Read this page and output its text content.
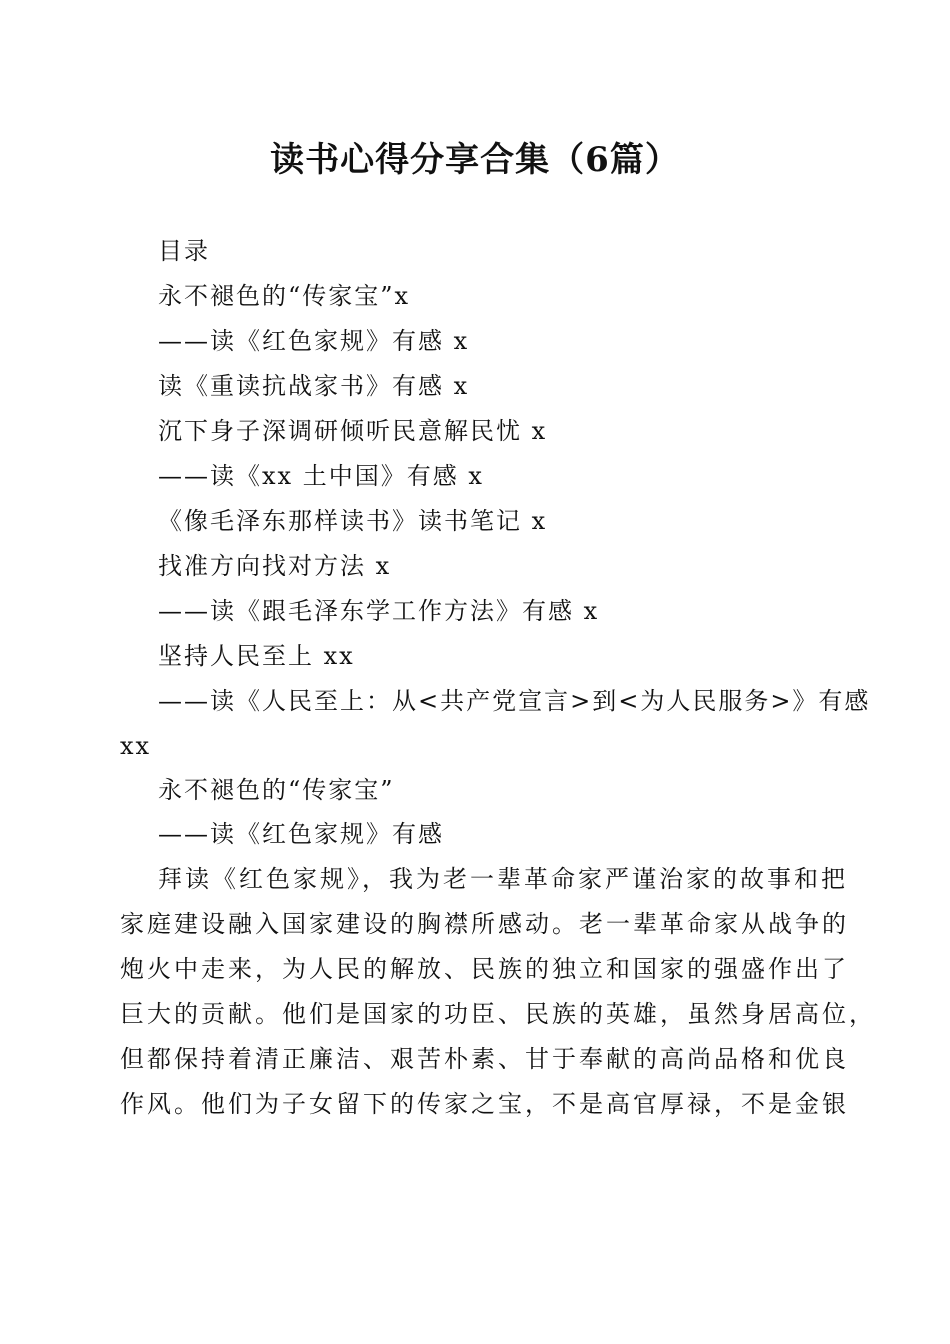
读书心得分享合集（6篇）
目录
永不褪色的“传家宝”x
——读《红色家规》有感 x
读《重读抗战家书》有感 x
沉下身子深调研倾听民意解民忧 x
——读《xx 土中国》有感 x
《像毛泽东那样读书》读书笔记 x
找准方向找对方法 x
——读《跟毛泽东学工作方法》有感 x
坚持人民至上 xx
——读《人民至上：从<共产党宣言>到<为人民服务>》有感
xx
永不褪色的“传家宝”
——读《红色家规》有感
拜读《红色家规》，我为老一辈革命家严谨治家的故事和把
家庭建设融入国家建设的胸襟所感动。老一辈革命家从战争的
炮火中走来，为人民的解放、民族的独立和国家的强盛作出了
巨大的贡献。他们是国家的功臣、民族的英雄，虽然身居高位，
但都保持着清正廉洁、艰苦朴素、甘于奉献的高尚品格和优良
作风。他们为子女留下的传家之宝，不是高官厚禄，不是金银
